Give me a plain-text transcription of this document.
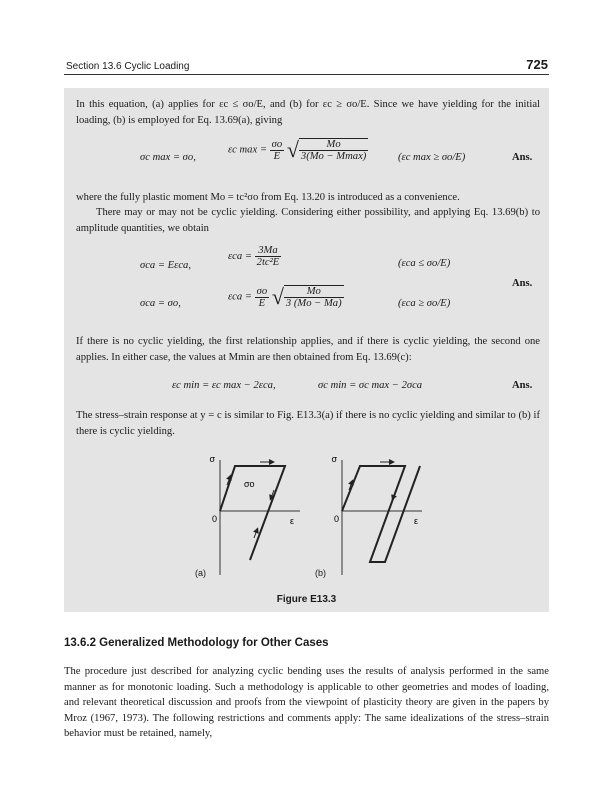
Section 13.6 Cyclic Loading	725
In this equation, (a) applies for εc ≤ σo/E, and (b) for εc ≥ σo/E. Since we have yielding for the initial loading, (b) is employed for Eq. 13.69(a), giving
σc max = σo,
εc $\max = \frac{\sigma o}{E}$ √ $\frac{Mo}{3(Mo - Mmax)}$	(εc max ≥ σo/E)	Ans.
where the fully plastic moment Mo = tc²σo from Eq. 13.20 is introduced as a convenience.
There may or may not be cyclic yielding. Considering either possibility, and applying Eq. 13.69(b) to amplitude quantities, we obtain
σca = Eεca,
$\varepsilon ca = \frac{3Ma}{\text{2tc²E}}$	(εca ≤ σo/E)
Ans.
σca = σo,
$\varepsilon ca = \frac{\sigma o}{E}$ √ $\frac{Mo}{3 (Mo - Ma)}$	(εca ≥ σo/E)
If there is no cyclic yielding, the first relationship applies, and if there is cyclic yielding, the second one applies. In either case, the values at Mmin are then obtained from Eq. 13.69(c):
εc min = εc max − 2εca,	σc min = σc max − 2σca	Ans.
The stress–strain response at y = c is similar to Fig. E13.3(a) if there is no cyclic yielding and similar to (b) if there is cyclic yielding.
σ
σo
0	ε
σ
0	ε
(a)	(b)
Figure E13.3
13.6.2 Generalized Methodology for Other Cases
The procedure just described for analyzing cyclic bending uses the results of analysis performed in the same manner as for monotonic loading. Such a methodology is applicable to other geometries and modes of loading, and relevant theoretical discussion and proofs from the viewpoint of plasticity theory are given in the papers by Mroz (1967, 1973). The following restrictions and comments apply: The same idealizations of the stress–strain behavior must be retained, namely,
